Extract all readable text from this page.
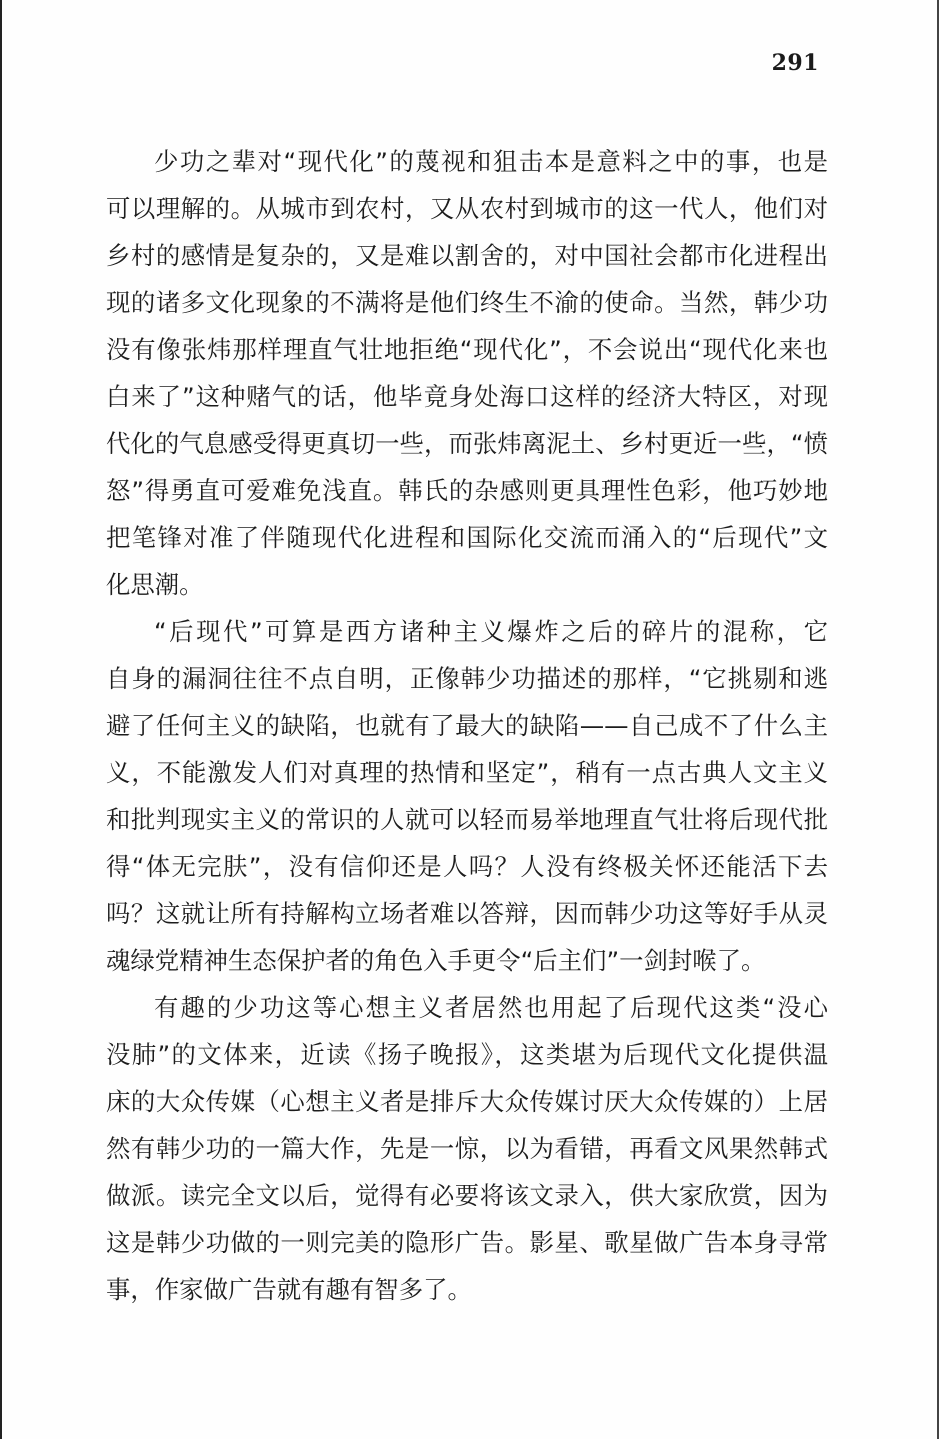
291
少功之辈对“现代化”的蔑视和狙击本是意料之中的事，也是
可以理解的。从城市到农村，又从农村到城市的这一代人，他们对
乡村的感情是复杂的，又是难以割舍的，对中国社会都市化进程出
现的诸多文化现象的不满将是他们终生不渝的使命。当然，韩少功
没有像张炜那样理直气壮地拒绝“现代化”，不会说出“现代化来也
白来了”这种赌气的话，他毕竟身处海口这样的经济大特区，对现
代化的气息感受得更真切一些，而张炜离泥土、乡村更近一些，“愤
怒”得勇直可爱难免浅直。韩氏的杂感则更具理性色彩，他巧妙地
把笔锋对准了伴随现代化进程和国际化交流而涌入的“后现代”文
化思潮。
“后现代”可算是西方诸种主义爆炸之后的碎片的混称，它
自身的漏洞往往不点自明，正像韩少功描述的那样，“它挑剔和逃
避了任何主义的缺陷，也就有了最大的缺陷——自己成不了什么主
义，不能激发人们对真理的热情和坚定”，稍有一点古典人文主义
和批判现实主义的常识的人就可以轻而易举地理直气壮将后现代批
得“体无完肤”，没有信仰还是人吗？人没有终极关怀还能活下去
吗？这就让所有持解构立场者难以答辩，因而韩少功这等好手从灵
魂绿党精神生态保护者的角色入手更令“后主们”一剑封喉了。
有趣的少功这等心想主义者居然也用起了后现代这类“没心
没肺”的文体来，近读《扬子晚报》，这类堪为后现代文化提供温
床的大众传媒（心想主义者是排斥大众传媒讨厌大众传媒的）上居
然有韩少功的一篇大作，先是一惊，以为看错，再看文风果然韩式
做派。读完全文以后，觉得有必要将该文录入，供大家欣赏，因为
这是韩少功做的一则完美的隐形广告。影星、歌星做广告本身寻常
事，作家做广告就有趣有智多了。
